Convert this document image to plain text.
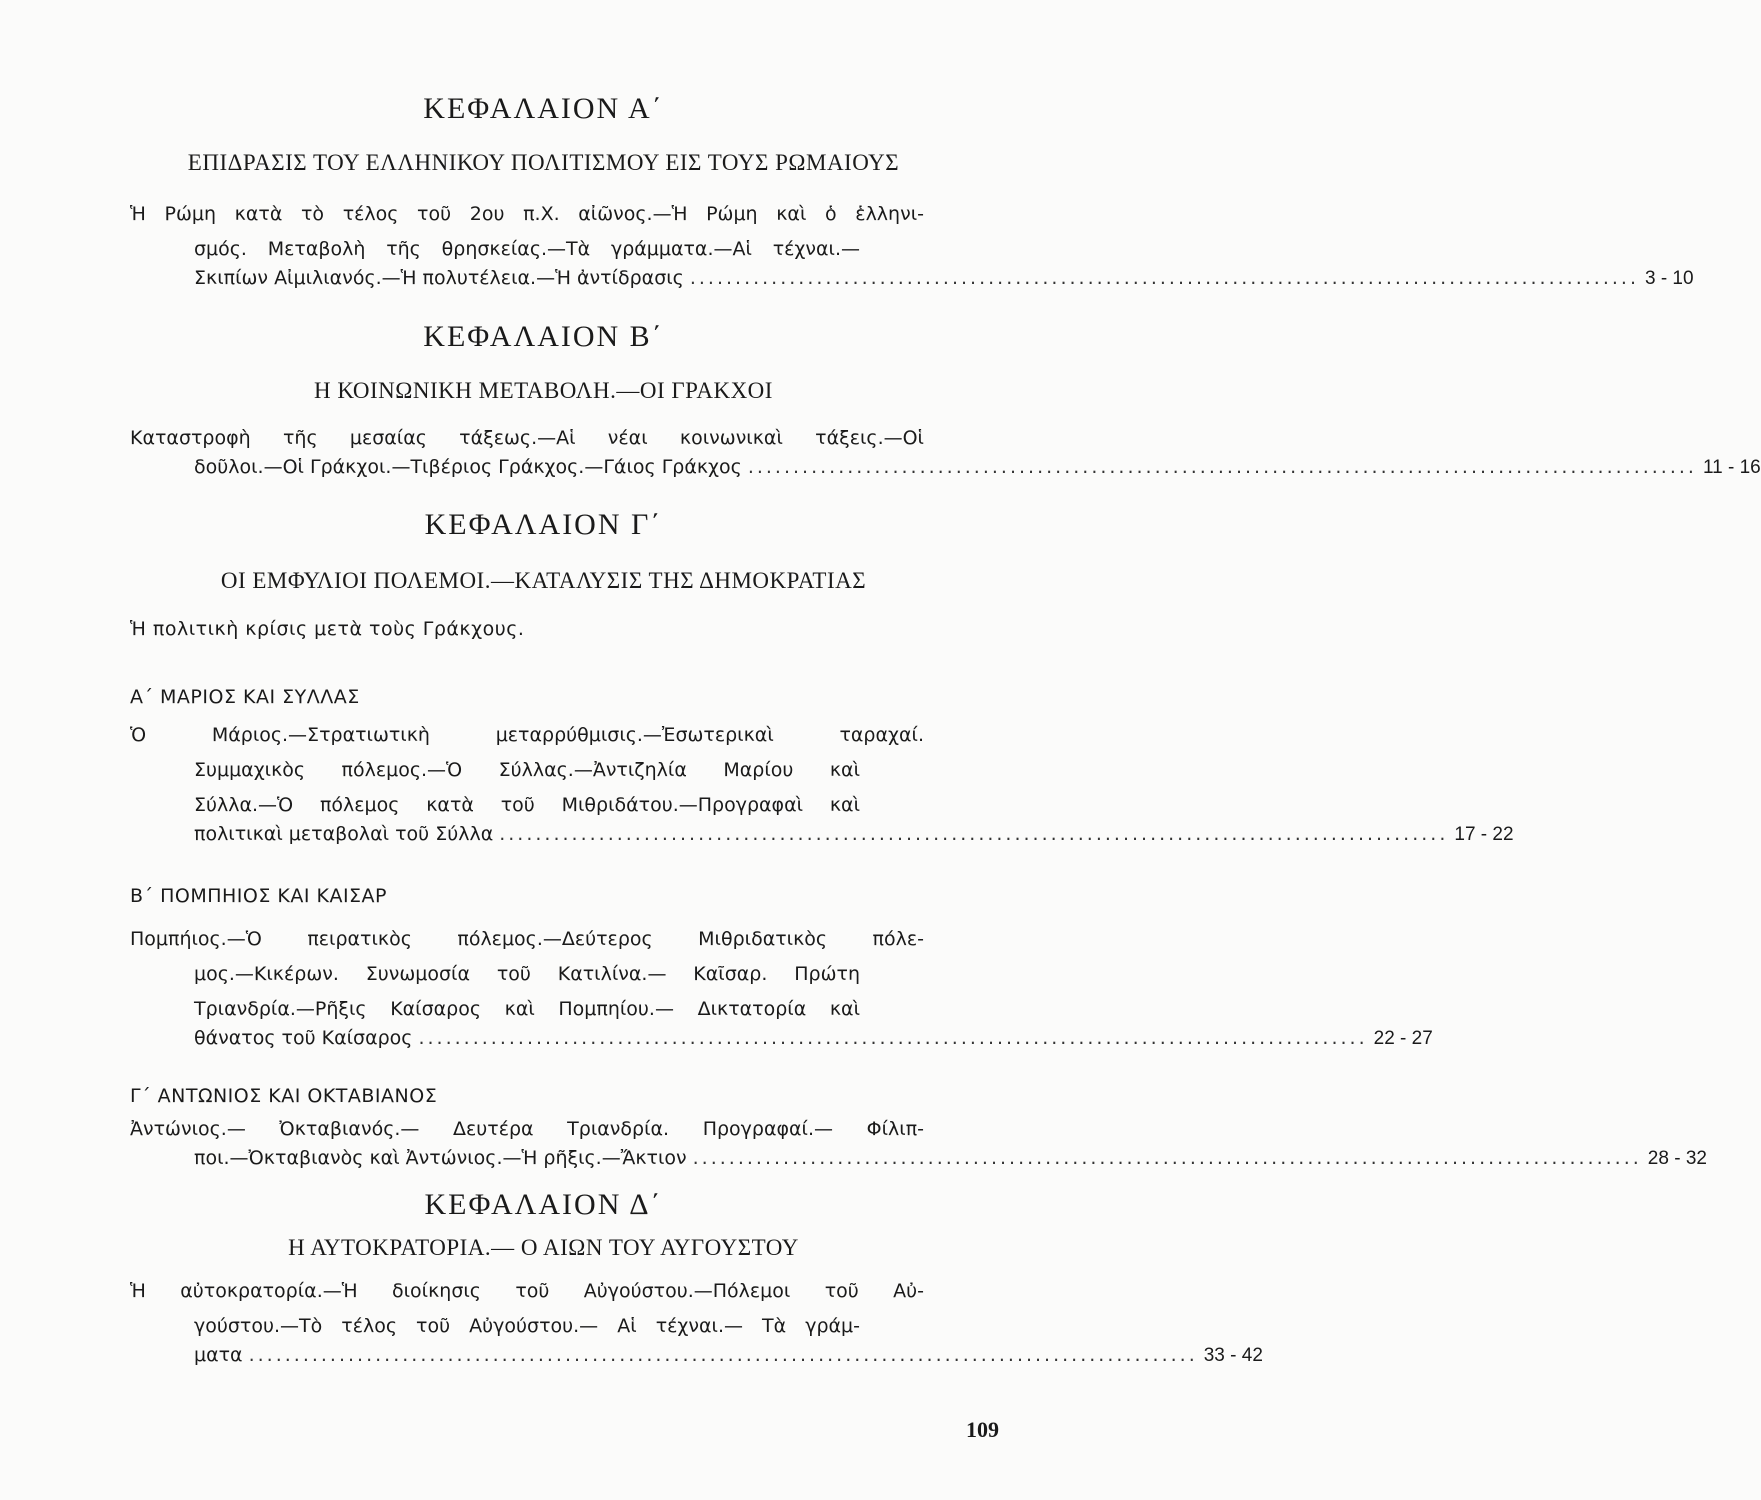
ΚΕΦΑΛΑΙΟΝ Α΄
ΕΠΙΔΡΑΣΙΣ ΤΟΥ ΕΛΛΗΝΙΚΟΥ ΠΟΛΙΤΙΣΜΟΥ ΕΙΣ ΤΟΥΣ ΡΩΜΑΙΟΥΣ
Ἡ Ρώμη κατὰ τὸ τέλος τοῦ 2ου π.Χ. αἰῶνος.—Ἡ Ρώμη καὶ ὁ ἑλληνι-
σμός. Μεταβολὴ τῆς θρησκείας.—Τὰ γράμματα.—Αἱ τέχναι.—
Σκιπίων Αἰμιλιανός.—Ἡ πολυτέλεια.—Ἡ ἀντίδρασις ......................................................................................................... 3 - 10
ΚΕΦΑΛΑΙΟΝ Β΄
Η ΚΟΙΝΩΝΙΚΗ ΜΕΤΑΒΟΛΗ.—ΟΙ ΓΡΑΚΧΟΙ
Καταστροφὴ τῆς μεσαίας τάξεως.—Αἱ νέαι κοινωνικαὶ τάξεις.—Οἱ
δοῦλοι.—Οἱ Γράκχοι.—Τιβέριος Γράκχος.—Γάιος Γράκχος ......................................................................................................... 11 - 16
ΚΕΦΑΛΑΙΟΝ Γ΄
ΟΙ ΕΜΦΥΛΙΟΙ ΠΟΛΕΜΟΙ.—ΚΑΤΑΛΥΣΙΣ ΤΗΣ ΔΗΜΟΚΡΑΤΙΑΣ
Ἡ πολιτικὴ κρίσις μετὰ τοὺς Γράκχους.
Α΄ ΜΑΡΙΟΣ ΚΑΙ ΣΥΛΛΑΣ
Ὁ Μάριος.—Στρατιωτικὴ μεταρρύθμισις.—Ἐσωτερικαὶ ταραχαί.
Συμμαχικὸς πόλεμος.—Ὁ Σύλλας.—Ἀντιζηλία Μαρίου καὶ
Σύλλα.—Ὁ πόλεμος κατὰ τοῦ Μιθριδάτου.—Προγραφαὶ καὶ
πολιτικαὶ μεταβολαὶ τοῦ Σύλλα ......................................................................................................... 17 - 22
Β΄ ΠΟΜΠΗΙΟΣ ΚΑΙ ΚΑΙΣΑΡ
Πομπήιος.—Ὁ πειρατικὸς πόλεμος.—Δεύτερος Μιθριδατικὸς πόλε-
μος.—Κικέρων. Συνωμοσία τοῦ Κατιλίνα.— Καῖσαρ. Πρώτη
Τριανδρία.—Ρῆξις Καίσαρος καὶ Πομπηίου.— Δικτατορία καὶ
θάνατος τοῦ Καίσαρος ......................................................................................................... 22 - 27
Γ΄ ΑΝΤΩΝΙΟΣ ΚΑΙ ΟΚΤΑΒΙΑΝΟΣ
Ἀντώνιος.— Ὀκταβιανός.— Δευτέρα Τριανδρία. Προγραφαί.— Φίλιπ-
ποι.—Ὀκταβιανὸς καὶ Ἀντώνιος.—Ἡ ρῆξις.—Ἄκτιον ......................................................................................................... 28 - 32
ΚΕΦΑΛΑΙΟΝ Δ΄
Η ΑΥΤΟΚΡΑΤΟΡΙΑ.— Ο ΑΙΩΝ ΤΟΥ ΑΥΓΟΥΣΤΟΥ
Ἡ αὐτοκρατορία.—Ἡ διοίκησις τοῦ Αὐγούστου.—Πόλεμοι τοῦ Αὐ-
γούστου.—Τὸ τέλος τοῦ Αὐγούστου.— Αἱ τέχναι.— Τὰ γράμ-
ματα ......................................................................................................... 33 - 42
109
